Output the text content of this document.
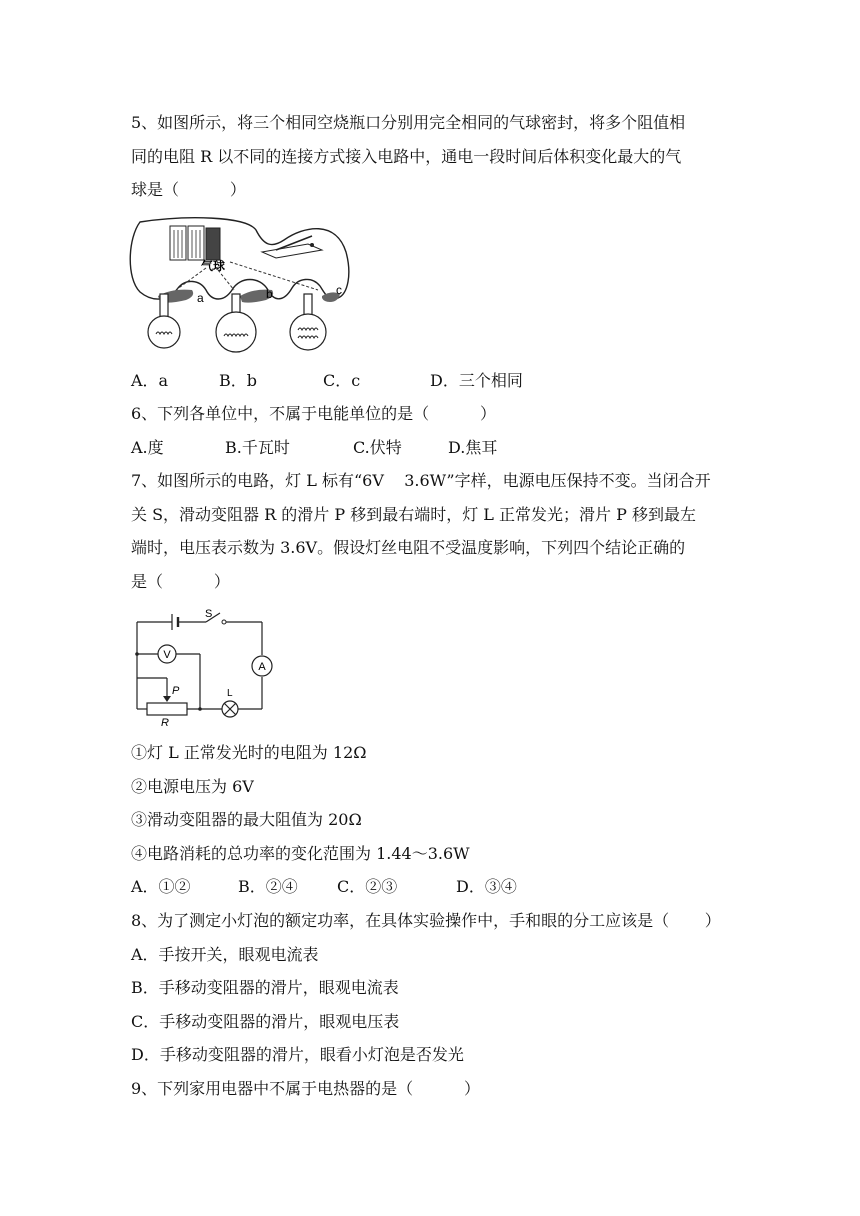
5、如图所示，将三个相同空烧瓶口分别用完全相同的气球密封，将多个阻值相
同的电阻 R 以不同的连接方式接入电路中，通电一段时间后体积变化最大的气
球是（          ）
气球
a	b	c
A．a	B．b	C．c	D．三个相同
6、下列各单位中，不属于电能单位的是（          ）
A.度	B.千瓦时	C.伏特	D.焦耳
7、如图所示的电路，灯 L 标有“6V    3.6W”字样，电源电压保持不变。当闭合开
关 S，滑动变阻器 R 的滑片 P 移到最右端时，灯 L 正常发光；滑片 P 移到最左
端时，电压表示数为 3.6V。假设灯丝电阻不受温度影响，下列四个结论正确的
是（          ）
V
A
S
P
R
L
①灯 L 正常发光时的电阻为 12Ω
②电源电压为 6V
③滑动变阻器的最大阻值为 20Ω
④电路消耗的总功率的变化范围为 1.44～3.6W
A．①②	B．②④ C．②③	D．③④
8、为了测定小灯泡的额定功率，在具体实验操作中，手和眼的分工应该是（       ）
A．手按开关，眼观电流表
B．手移动变阻器的滑片，眼观电流表
C．手移动变阻器的滑片，眼观电压表
D．手移动变阻器的滑片，眼看小灯泡是否发光
9、下列家用电器中不属于电热器的是（          ）
